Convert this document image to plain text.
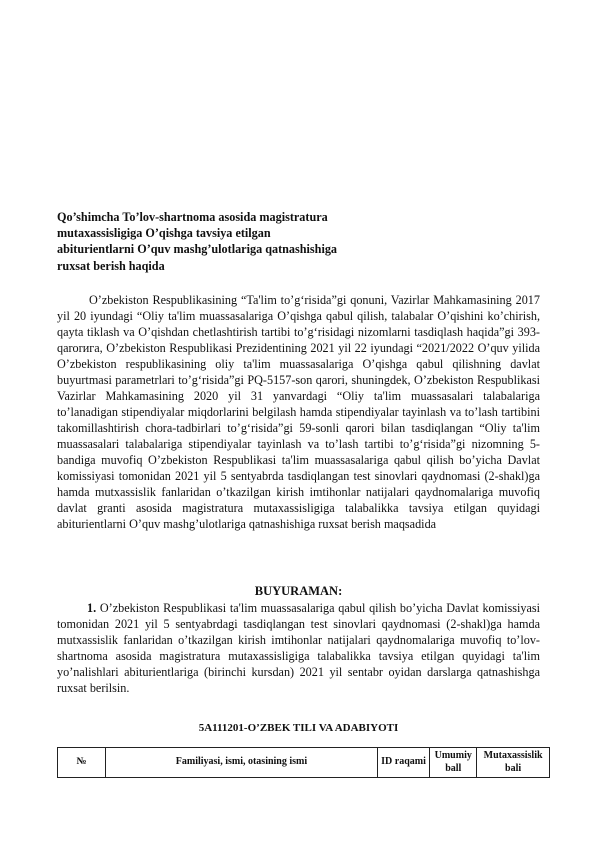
Qo’shimcha To’lov-shartnoma asosida magistratura mutaxassisligiga O’qishga tavsiya etilgan abiturientlarni O’quv mashg’ulotlariga qatnashishiga ruxsat berish haqida

O’zbekiston Respublikasining “Ta'lim to’g‘risida”gi qonuni, Vazirlar Mahkamasining 2017 yil 20 iyundagi “Oliy ta'lim muassasalariga O’qishga qabul qilish, talabalar O’qishini ko’chirish, qayta tiklash va O’qishdan chetlashtirish tartibi to’g‘risidagi nizomlarni tasdiqlash haqida”gi 393-qarorига, O’zbekiston Respublikasi Prezidentining 2021 yil 22 iyundagi “2021/2022 O’quv yilida O’zbekiston respublikasining oliy ta'lim muassasalariga O’qishga qabul qilishning davlat buyurtmasi parametrlari to’g‘risida”gi PQ-5157-son qarori, shuningdek, O’zbekiston Respublikasi Vazirlar Mahkamasining 2020 yil 31 yanvardagi “Oliy ta'lim muassasalari talabalariga to’lanadigan stipendiyalar miqdorlarini belgilash hamda stipendiyalar tayinlash va to’lash tartibini takomillashtirish chora-tadbirlari to’g‘risida”gi 59-sonli qarori bilan tasdiqlangan “Oliy ta'lim muassasalari talabalariga stipendiyalar tayinlash va to’lash tartibi to’g‘risida”gi nizomning 5-bandiga muvofiq O’zbekiston Respublikasi ta'lim muassasalariga qabul qilish bo’yicha Davlat komissiyasi tomonidan 2021 yil 5 sentyabrda tasdiqlangan test sinovlari qaydnomasi (2-shakl)ga hamda mutxassislik fanlaridan o’tkazilgan kirish imtihonlar natijalari qaydnomalariga muvofiq davlat granti asosida magistratura mutaxassisligiga talabalikka tavsiya etilgan quyidagi abiturientlarni O’quv mashg’ulotlariga qatnashishiga ruxsat berish maqsadida

BUYURAMAN:

1. O’zbekiston Respublikasi ta'lim muassasalariga qabul qilish bo’yicha Davlat komissiyasi tomonidan 2021 yil 5 sentyabrdagi tasdiqlangan test sinovlari qaydnomasi (2-shakl)ga hamda mutxassislik fanlaridan o’tkazilgan kirish imtihonlar natijalari qaydnomalariga muvofiq to’lov-shartnoma asosida magistratura mutaxassisligiga talabalikka tavsiya etilgan quyidagi ta'lim yo’nalishlari abiturientlariga (birinchi kursdan) 2021 yil sentabr oyidan darslarga qatnashishga ruxsat berilsin.

5A111201-O’ZBEK TILI VA ADABIYOTI

№	Familiyasi, ismi, otasining ismi	ID raqami	Umumiy ball	Mutaxassislik bali
